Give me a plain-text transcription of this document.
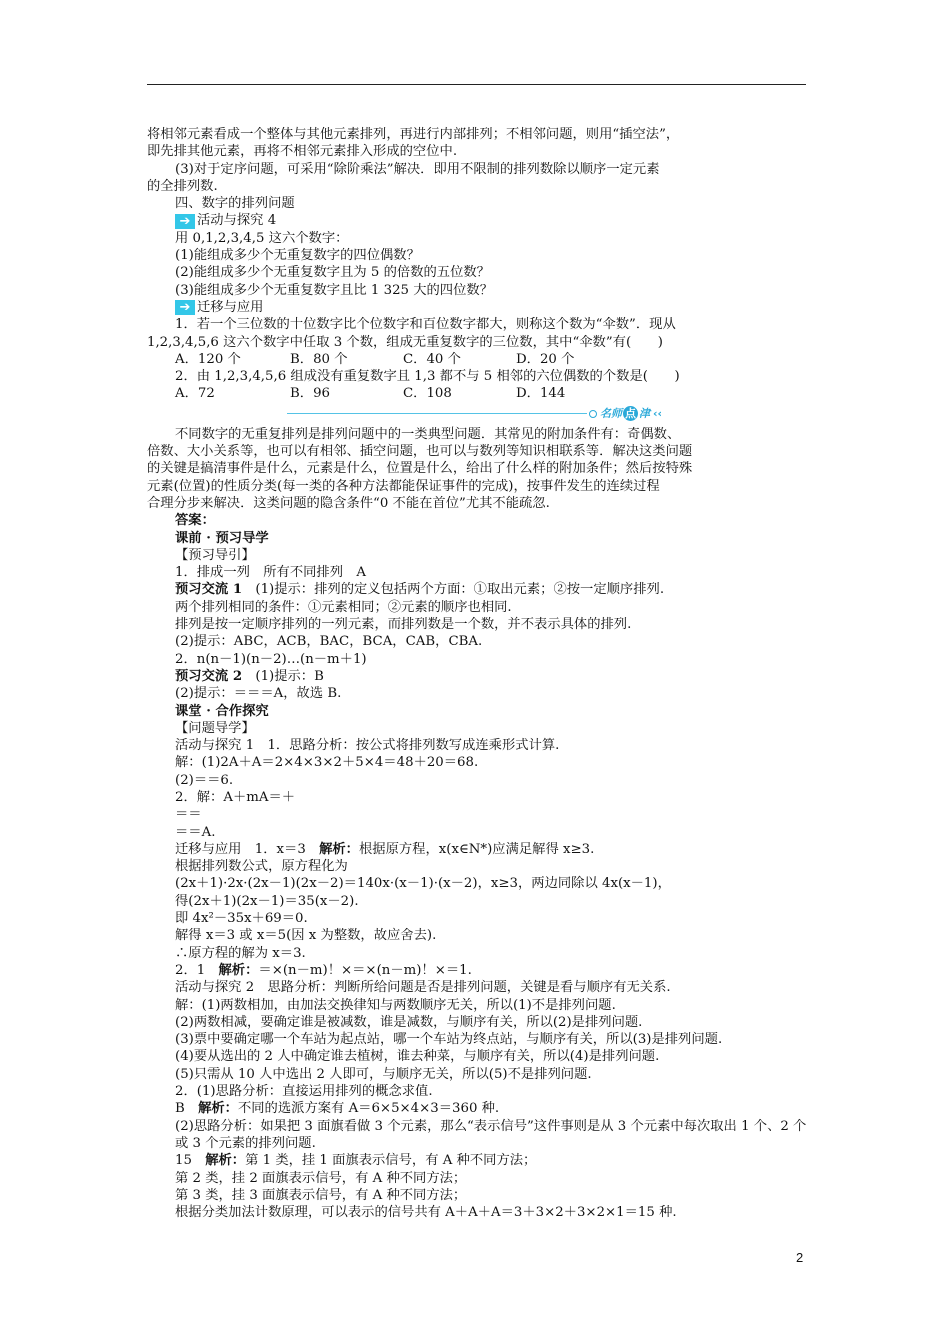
将相邻元素看成一个整体与其他元素排列，再进行内部排列；不相邻问题，则用“插空法”，
即先排其他元素，再将不相邻元素排入形成的空位中.
(3)对于定序问题，可采用“除阶乘法”解决．即用不限制的排列数除以顺序一定元素
的全排列数.
四、数字的排列问题
➔ 活动与探究 4
用 0,1,2,3,4,5 这六个数字：
(1)能组成多少个无重复数字的四位偶数？
(2)能组成多少个无重复数字且为 5 的倍数的五位数？
(3)能组成多少个无重复数字且比 1 325 大的四位数？
➔ 迁移与应用
1．若一个三位数的十位数字比个位数字和百位数字都大，则称这个数为“伞数”．现从
1,2,3,4,5,6 这六个数字中任取 3 个数，组成无重复数字的三位数，其中“伞数”有(　　)
A．120 个	B．80 个	C．40 个	D．20 个
2．由 1,2,3,4,5,6 组成没有重复数字且 1,3 都不与 5 相邻的六位偶数的个数是(　　)
A．72	B．96	C．108	D．144
名师 点 津 ‹‹
不同数字的无重复排列是排列问题中的一类典型问题．其常见的附加条件有：奇偶数、
倍数、大小关系等，也可以有相邻、插空问题，也可以与数列等知识相联系等．解决这类问题
的关键是搞清事件是什么，元素是什么，位置是什么，给出了什么样的附加条件；然后按特殊
元素(位置)的性质分类(每一类的各种方法都能保证事件的完成)，按事件发生的连续过程
合理分步来解决．这类问题的隐含条件“0 不能在首位”尤其不能疏忽.
答案：
课前 · 预习导学
【预习导引】
1．排成一列　所有不同排列　A
预习交流 1　 (1)提示：排列的定义包括两个方面：①取出元素；②按一定顺序排列.
两个排列相同的条件：①元素相同；②元素的顺序也相同.
排列是按一定顺序排列的一列元素，而排列数是一个数，并不表示具体的排列.
(2)提示：ABC，ACB，BAC，BCA，CAB，CBA.
2．n(n－1)(n－2)…(n－m＋1)
预习交流 2　 (1)提示：B
(2)提示：＝＝＝A，故选 B.
课堂 · 合作探究
【问题导学】
活动与探究 1　1．思路分析：按公式将排列数写成连乘形式计算.
解：(1)2A＋A＝2×4×3×2＋5×4＝48＋20＝68.
(2)＝＝6.
2．解：A＋mA＝＋
＝＝
＝＝A.
迁移与应用　1．x＝3　解析：根据原方程，x(x∈N*)应满足解得 x≥3.
根据排列数公式，原方程化为
(2x＋1)·2x·(2x－1)(2x－2)＝140x·(x－1)·(x－2)，x≥3，两边同除以 4x(x－1)，
得(2x＋1)(2x－1)＝35(x－2).
即 4x²－35x＋69＝0.
解得 x＝3 或 x＝5(因 x 为整数，故应舍去).
∴原方程的解为 x＝3.
2．1　解析：＝×(n－m)！×＝×(n－m)！×＝1.
活动与探究 2　思路分析：判断所给问题是否是排列问题，关键是看与顺序有无关系.
解：(1)两数相加，由加法交换律知与两数顺序无关，所以(1)不是排列问题.
(2)两数相减，要确定谁是被减数，谁是减数，与顺序有关，所以(2)是排列问题.
(3)票中要确定哪一个车站为起点站，哪一个车站为终点站，与顺序有关，所以(3)是排列问题.
(4)要从选出的 2 人中确定谁去植树，谁去种菜，与顺序有关，所以(4)是排列问题.
(5)只需从 10 人中选出 2 人即可，与顺序无关，所以(5)不是排列问题.
2．(1)思路分析：直接运用排列的概念求值.
B　解析：不同的选派方案有 A＝6×5×4×3＝360 种.
(2)思路分析：如果把 3 面旗看做 3 个元素，那么“表示信号”这件事则是从 3 个元素中每次取出 1 个、2 个或 3 个元素的排列问题.
15　解析：第 1 类，挂 1 面旗表示信号，有 A 种不同方法；
第 2 类，挂 2 面旗表示信号，有 A 种不同方法；
第 3 类，挂 3 面旗表示信号，有 A 种不同方法；
根据分类加法计数原理，可以表示的信号共有 A＋A＋A＝3＋3×2＋3×2×1＝15 种.
2
